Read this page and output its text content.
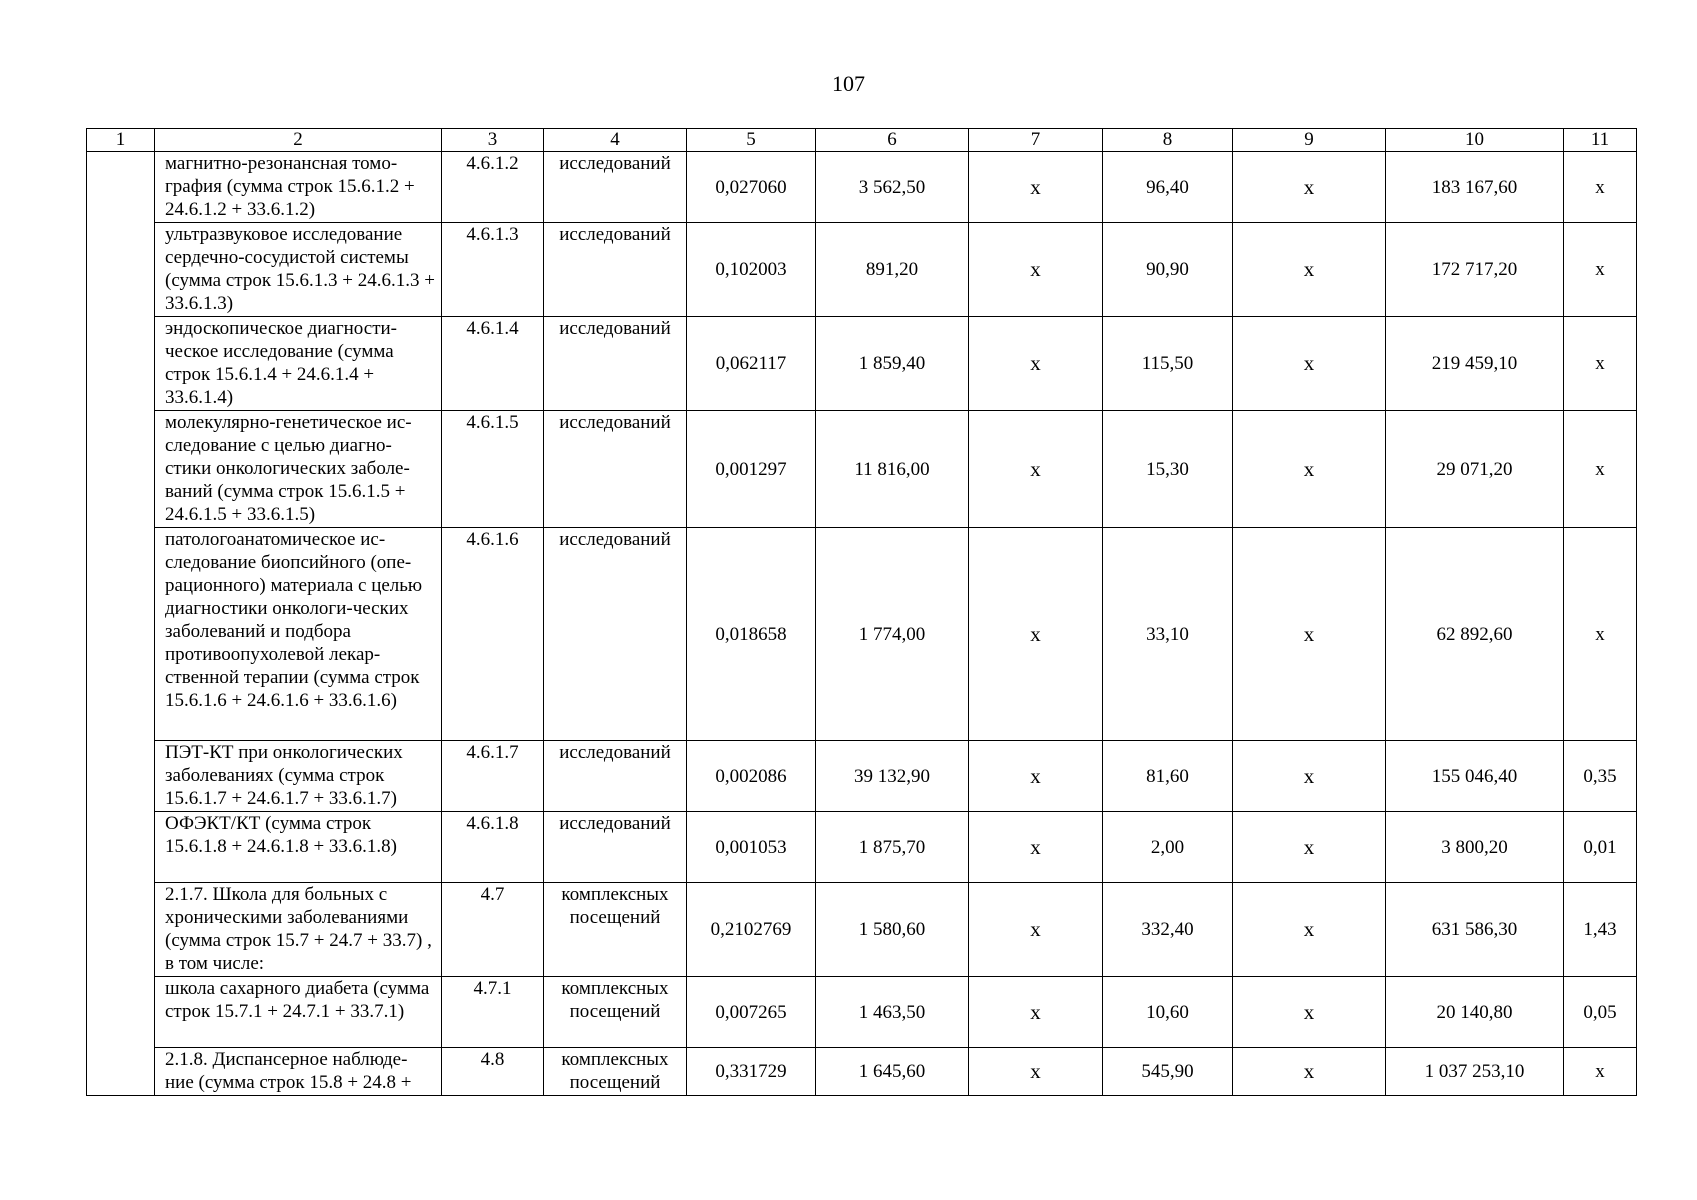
107
1	2	3	4	5	6	7	8	9	10	11
	магнитно-резонансная томо-графия (сумма строк 15.6.1.2 + 24.6.1.2 + 33.6.1.2)	4.6.1.2	исследований	0,027060	3 562,50	х	96,40	х	183 167,60	х
	ультразвуковое исследование сердечно-сосудистой системы (сумма строк 15.6.1.3 + 24.6.1.3 + 33.6.1.3)	4.6.1.3	исследований	0,102003	891,20	х	90,90	х	172 717,20	х
	эндоскопическое диагности-ческое исследование (сумма строк 15.6.1.4 + 24.6.1.4 + 33.6.1.4)	4.6.1.4	исследований	0,062117	1 859,40	х	115,50	х	219 459,10	х
	молекулярно-генетическое ис-следование с целью диагно-стики онкологических заболе-ваний (сумма строк 15.6.1.5 + 24.6.1.5 + 33.6.1.5)	4.6.1.5	исследований	0,001297	11 816,00	х	15,30	х	29 071,20	х
	патологоанатомическое ис-следование биопсийного (опе-рационного) материала с целью диагностики онкологи-ческих заболеваний и подбора противоопухолевой лекар-ственной терапии (сумма строк 15.6.1.6 + 24.6.1.6 + 33.6.1.6)	4.6.1.6	исследований	0,018658	1 774,00	х	33,10	х	62 892,60	х
	ПЭТ-КТ при онкологических заболеваниях (сумма строк 15.6.1.7 + 24.6.1.7 + 33.6.1.7)	4.6.1.7	исследований	0,002086	39 132,90	х	81,60	х	155 046,40	0,35
	ОФЭКТ/КТ (сумма строк 15.6.1.8 + 24.6.1.8 + 33.6.1.8)	4.6.1.8	исследований	0,001053	1 875,70	х	2,00	х	3 800,20	0,01
	2.1.7. Школа для больных с хроническими заболеваниями (сумма строк 15.7 + 24.7 + 33.7) , в том числе:	4.7	комплексных посещений	0,2102769	1 580,60	х	332,40	х	631 586,30	1,43
	школа сахарного диабета (сумма строк 15.7.1 + 24.7.1 + 33.7.1)	4.7.1	комплексных посещений	0,007265	1 463,50	х	10,60	х	20 140,80	0,05
	2.1.8. Диспансерное наблюде-ние (сумма строк 15.8 + 24.8 +	4.8	комплексных посещений	0,331729	1 645,60	х	545,90	х	1 037 253,10	х
